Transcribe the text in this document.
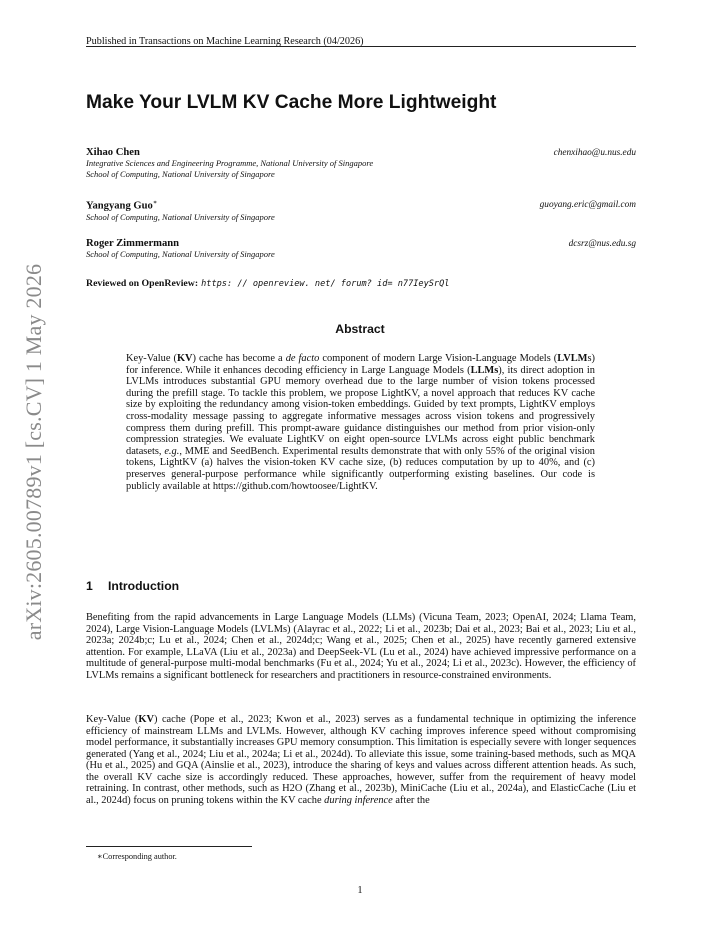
Published in Transactions on Machine Learning Research (04/2026)
arXiv:2605.00789v1 [cs.CV] 1 May 2026
Make Your LVLM KV Cache More Lightweight
Xihao Chen	chenxihao@u.nus.edu
Integrative Sciences and Engineering Programme, National University of Singapore
School of Computing, National University of Singapore
Yangyang Guo∗	guoyang.eric@gmail.com
School of Computing, National University of Singapore
Roger Zimmermann	dcsrz@nus.edu.sg
School of Computing, National University of Singapore
Reviewed on OpenReview: https: // openreview. net/ forum? id= n77IeySrQl
Abstract

Key-Value (KV) cache has become a de facto component of modern Large Vision-Language Models (LVLMs) for inference. While it enhances decoding efficiency in Large Language Models (LLMs), its direct adoption in LVLMs introduces substantial GPU memory overhead due to the large number of vision tokens processed during the prefill stage. To tackle this problem, we propose LightKV, a novel approach that reduces KV cache size by exploiting the redundancy among vision-token embeddings. Guided by text prompts, LightKV employs cross-modality message passing to aggregate informative messages across vision tokens and progressively compress them during prefill. This prompt-aware guidance distinguishes our method from prior vision-only compression strategies. We evaluate LightKV on eight open-source LVLMs across eight public benchmark datasets, e.g., MME and SeedBench. Experimental results demonstrate that with only 55% of the original vision tokens, LightKV (a) halves the vision-token KV cache size, (b) reduces computation by up to 40%, and (c) preserves general-purpose performance while significantly outperforming existing baselines. Our code is publicly available at https://github.com/howtoosee/LightKV.

1 Introduction

Benefiting from the rapid advancements in Large Language Models (LLMs) (Vicuna Team, 2023; OpenAI, 2024; Llama Team, 2024), Large Vision-Language Models (LVLMs) (Alayrac et al., 2022; Li et al., 2023b; Dai et al., 2023; Bai et al., 2023; Liu et al., 2023a; 2024b;c; Lu et al., 2024; Chen et al., 2024d;c; Wang et al., 2025; Chen et al., 2025) have recently garnered extensive attention. For example, LLaVA (Liu et al., 2023a) and DeepSeek-VL (Lu et al., 2024) have achieved impressive performance on a multitude of general-purpose multi-modal benchmarks (Fu et al., 2024; Yu et al., 2024; Li et al., 2023c). However, the efficiency of LVLMs remains a significant bottleneck for researchers and practitioners in resource-constrained environments.

Key-Value (KV) cache (Pope et al., 2023; Kwon et al., 2023) serves as a fundamental technique in optimizing the inference efficiency of mainstream LLMs and LVLMs. However, although KV caching improves inference speed without compromising model performance, it substantially increases GPU memory consumption. This limitation is especially severe with longer sequences generated (Yang et al., 2024; Liu et al., 2024a; Li et al., 2024d). To alleviate this issue, some training-based methods, such as MQA (Hu et al., 2025) and GQA (Ainslie et al., 2023), introduce the sharing of keys and values across different attention heads. As such, the overall KV cache size is accordingly reduced. These approaches, however, suffer from the requirement of heavy model retraining. In contrast, other methods, such as H2O (Zhang et al., 2023b), MiniCache (Liu et al., 2024a), and ElasticCache (Liu et al., 2024d) focus on pruning tokens within the KV cache during inference after the

∗Corresponding author.
1
